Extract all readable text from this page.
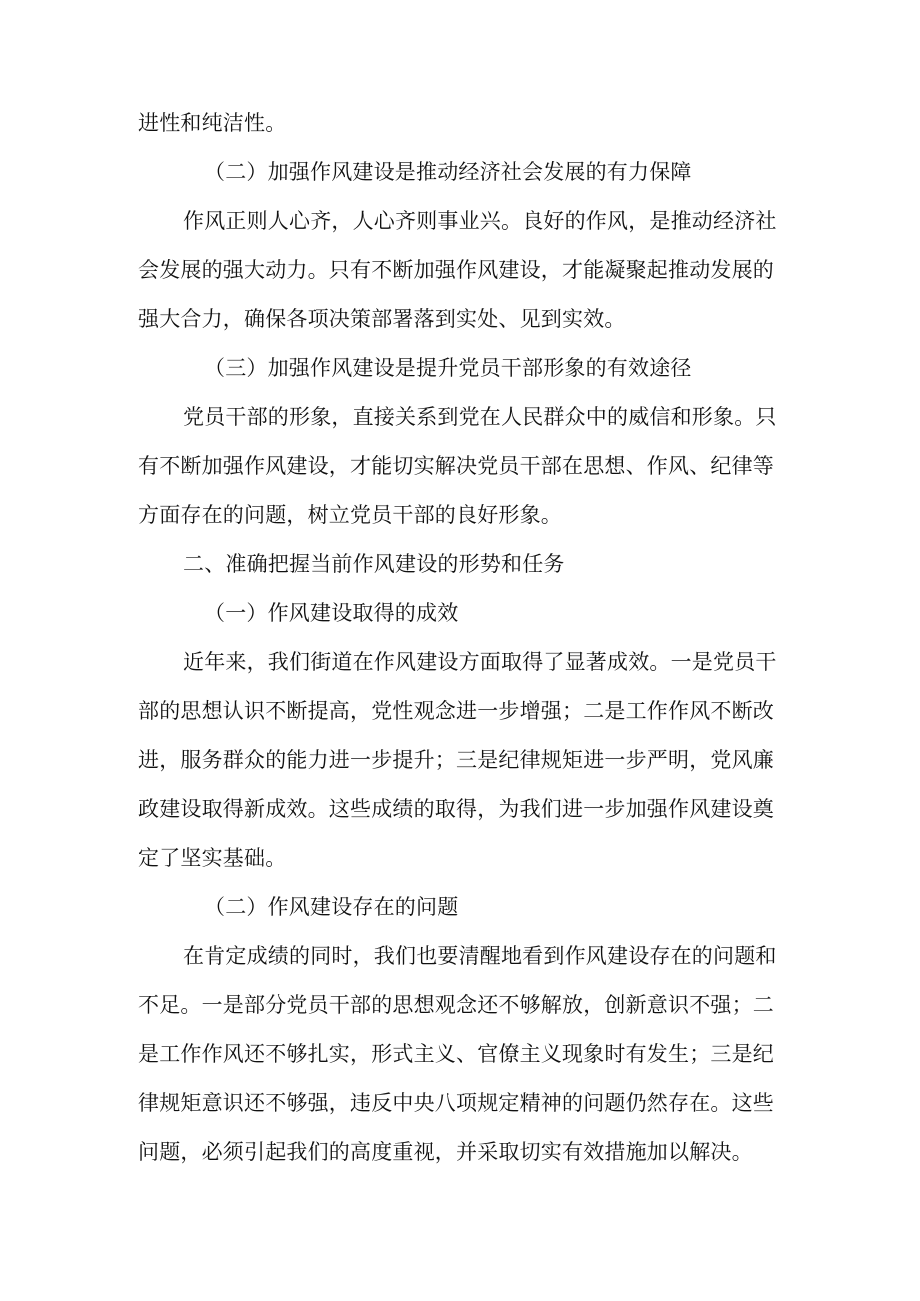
进性和纯洁性。
（二）加强作风建设是推动经济社会发展的有力保障
作风正则人心齐，人心齐则事业兴。良好的作风，是推动经济社
会发展的强大动力。只有不断加强作风建设，才能凝聚起推动发展的
强大合力，确保各项决策部署落到实处、见到实效。
（三）加强作风建设是提升党员干部形象的有效途径
党员干部的形象，直接关系到党在人民群众中的威信和形象。只
有不断加强作风建设，才能切实解决党员干部在思想、作风、纪律等
方面存在的问题，树立党员干部的良好形象。
二、准确把握当前作风建设的形势和任务
（一）作风建设取得的成效
近年来，我们街道在作风建设方面取得了显著成效。一是党员干
部的思想认识不断提高，党性观念进一步增强；二是工作作风不断改
进，服务群众的能力进一步提升；三是纪律规矩进一步严明，党风廉
政建设取得新成效。这些成绩的取得，为我们进一步加强作风建设奠
定了坚实基础。
（二）作风建设存在的问题
在肯定成绩的同时，我们也要清醒地看到作风建设存在的问题和
不足。一是部分党员干部的思想观念还不够解放，创新意识不强；二
是工作作风还不够扎实，形式主义、官僚主义现象时有发生；三是纪
律规矩意识还不够强，违反中央八项规定精神的问题仍然存在。这些
问题，必须引起我们的高度重视，并采取切实有效措施加以解决。
